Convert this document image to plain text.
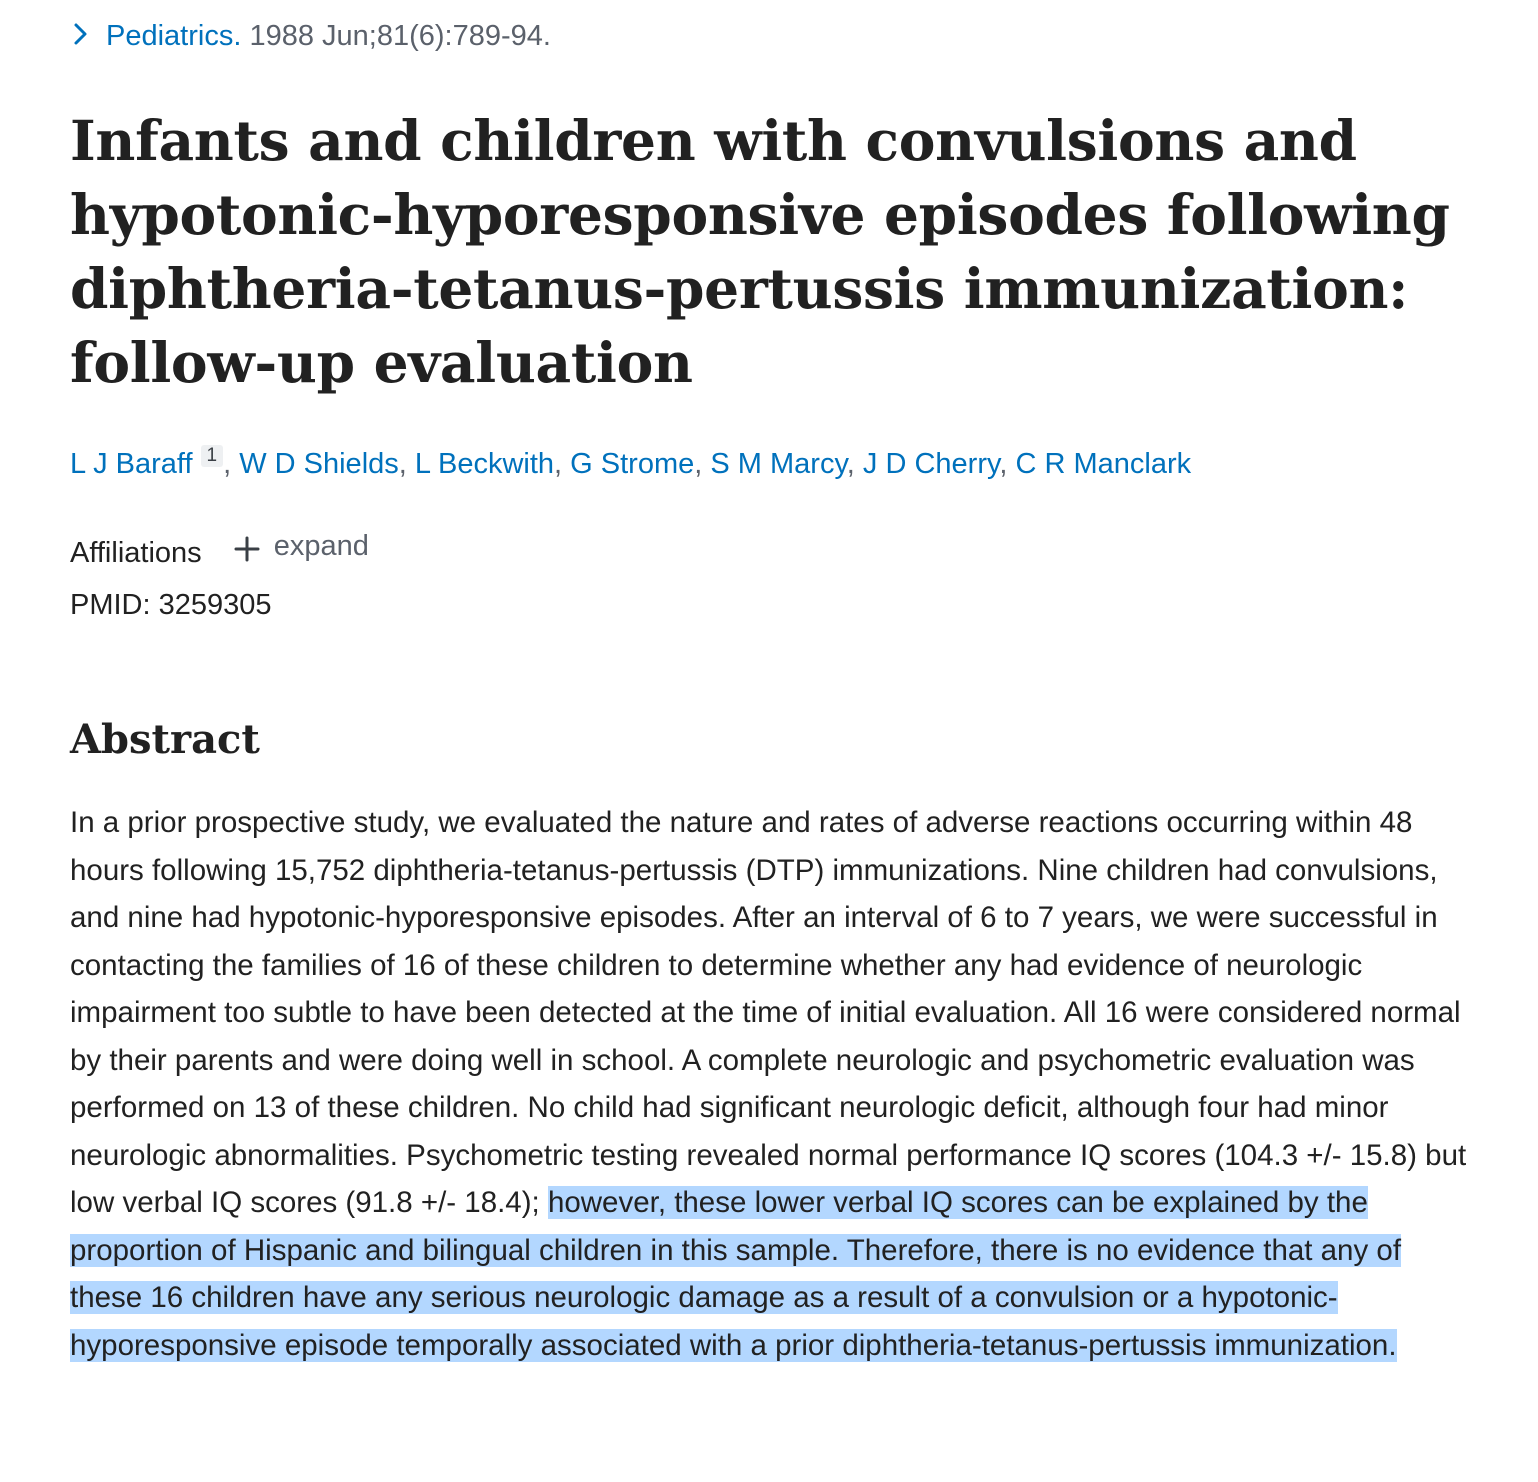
Pediatrics. 1988 Jun;81(6):789-94.
Infants and children with convulsions and hypotonic-hyporesponsive episodes following diphtheria-tetanus-pertussis immunization: follow-up evaluation
L J Baraff 1 , W D Shields, L Beckwith, G Strome, S M Marcy, J D Cherry, C R Manclark
Affiliations expand
PMID: 3259305
Abstract

In a prior prospective study, we evaluated the nature and rates of adverse reactions occurring within 48 hours following 15,752 diphtheria-tetanus-pertussis (DTP) immunizations. Nine children had convulsions, and nine had hypotonic-hyporesponsive episodes. After an interval of 6 to 7 years, we were successful in contacting the families of 16 of these children to determine whether any had evidence of neurologic impairment too subtle to have been detected at the time of initial evaluation. All 16 were considered normal by their parents and were doing well in school. A complete neurologic and psychometric evaluation was performed on 13 of these children. No child had significant neurologic deficit, although four had minor neurologic abnormalities. Psychometric testing revealed normal performance IQ scores (104.3 +/- 15.8) but low verbal IQ scores (91.8 +/- 18.4); however, these lower verbal IQ scores can be explained by the proportion of Hispanic and bilingual children in this sample. Therefore, there is no evidence that any of these 16 children have any serious neurologic damage as a result of a convulsion or a hypotonic-hyporesponsive episode temporally associated with a prior diphtheria-tetanus-pertussis immunization.
